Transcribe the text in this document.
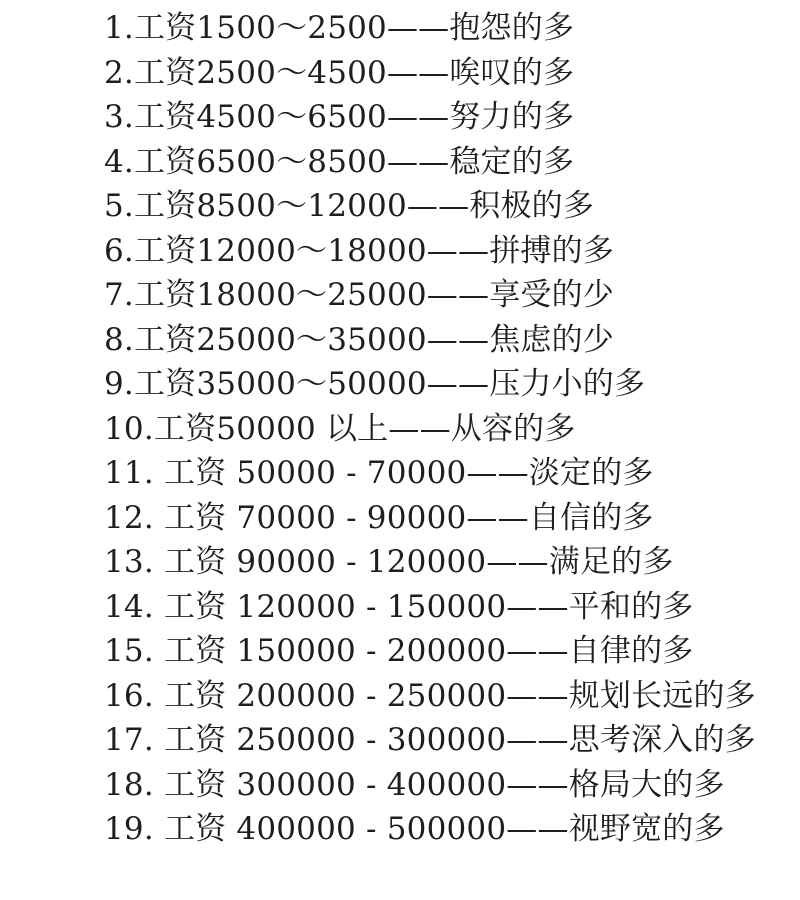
1.工资1500～2500——抱怨的多
2.工资2500～4500——唉叹的多
3.工资4500～6500——努力的多
4.工资6500～8500——稳定的多
5.工资8500～12000——积极的多
6.工资12000～18000——拼搏的多
7.工资18000～25000——享受的少
8.工资25000～35000——焦虑的少
9.工资35000～50000——压力小的多
10.工资50000 以上——从容的多
11. 工资 50000 - 70000——淡定的多
12. 工资 70000 - 90000——自信的多
13. 工资 90000 - 120000——满足的多
14. 工资 120000 - 150000——平和的多
15. 工资 150000 - 200000——自律的多
16. 工资 200000 - 250000——规划长远的多
17. 工资 250000 - 300000——思考深入的多
18. 工资 300000 - 400000——格局大的多
19. 工资 400000 - 500000——视野宽的多
